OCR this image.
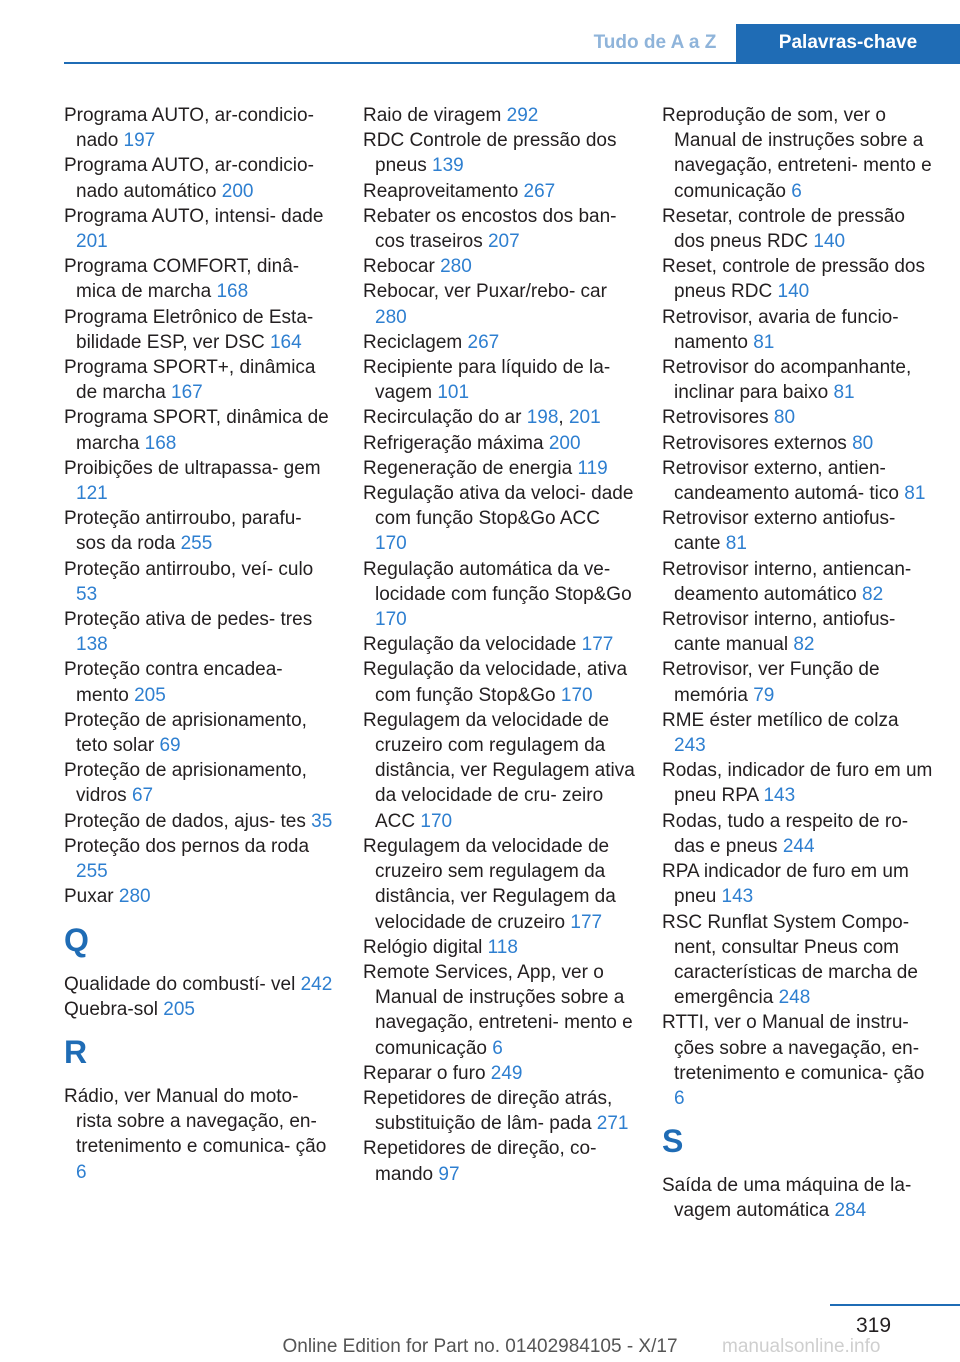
Tudo de A a Z	Palavras-chave
Programa AUTO, ar-condicio- nado 197
Programa AUTO, ar-condicio- nado automático 200
Programa AUTO, intensi- dade 201
Programa COMFORT, dinâ- mica de marcha 168
Programa Eletrônico de Esta- bilidade ESP, ver DSC 164
Programa SPORT+, dinâmica de marcha 167
Programa SPORT, dinâmica de marcha 168
Proibições de ultrapassa- gem 121
Proteção antirroubo, parafu- sos da roda 255
Proteção antirroubo, veí- culo 53
Proteção ativa de pedes- tres 138
Proteção contra encadea- mento 205
Proteção de aprisionamento, teto solar 69
Proteção de aprisionamento, vidros 67
Proteção de dados, ajus- tes 35
Proteção dos pernos da roda 255
Puxar 280
Q
Qualidade do combustí- vel 242
Quebra-sol 205
R
Rádio, ver Manual do moto- rista sobre a navegação, en- tretenimento e comunica- ção 6
Raio de viragem 292
RDC Controle de pressão dos pneus 139
Reaproveitamento 267
Rebater os encostos dos ban- cos traseiros 207
Rebocar 280
Rebocar, ver Puxar/rebo- car 280
Reciclagem 267
Recipiente para líquido de la- vagem 101
Recirculação do ar 198, 201
Refrigeração máxima 200
Regeneração de energia 119
Regulação ativa da veloci- dade com função Stop&Go ACC 170
Regulação automática da ve- locidade com função Stop&Go 170
Regulação da velocidade 177
Regulação da velocidade, ativa com função Stop&Go 170
Regulagem da velocidade de cruzeiro com regulagem da distância, ver Regulagem ativa da velocidade de cru- zeiro ACC 170
Regulagem da velocidade de cruzeiro sem regulagem da distância, ver Regulagem da velocidade de cruzeiro 177
Relógio digital 118
Remote Services, App, ver o Manual de instruções sobre a navegação, entreteni- mento e comunicação 6
Reparar o furo 249
Repetidores de direção atrás, substituição de lâm- pada 271
Repetidores de direção, co- mando 97
Reprodução de som, ver o Manual de instruções sobre a navegação, entreteni- mento e comunicação 6
Resetar, controle de pressão dos pneus RDC 140
Reset, controle de pressão dos pneus RDC 140
Retrovisor, avaria de funcio- namento 81
Retrovisor do acompanhante, inclinar para baixo 81
Retrovisores 80
Retrovisores externos 80
Retrovisor externo, antien- candeamento automá- tico 81
Retrovisor externo antiofus- cante 81
Retrovisor interno, antiencan- deamento automático 82
Retrovisor interno, antiofus- cante manual 82
Retrovisor, ver Função de memória 79
RME éster metílico de colza 243
Rodas, indicador de furo em um pneu RPA 143
Rodas, tudo a respeito de ro- das e pneus 244
RPA indicador de furo em um pneu 143
RSC Runflat System Compo- nent, consultar Pneus com características de marcha de emergência 248
RTTI, ver o Manual de instru- ções sobre a navegação, en- tretenimento e comunica- ção 6
S
Saída de uma máquina de la- vagem automática 284
319
Online Edition for Part no. 01402984105 - X/17	manualsonline.info
